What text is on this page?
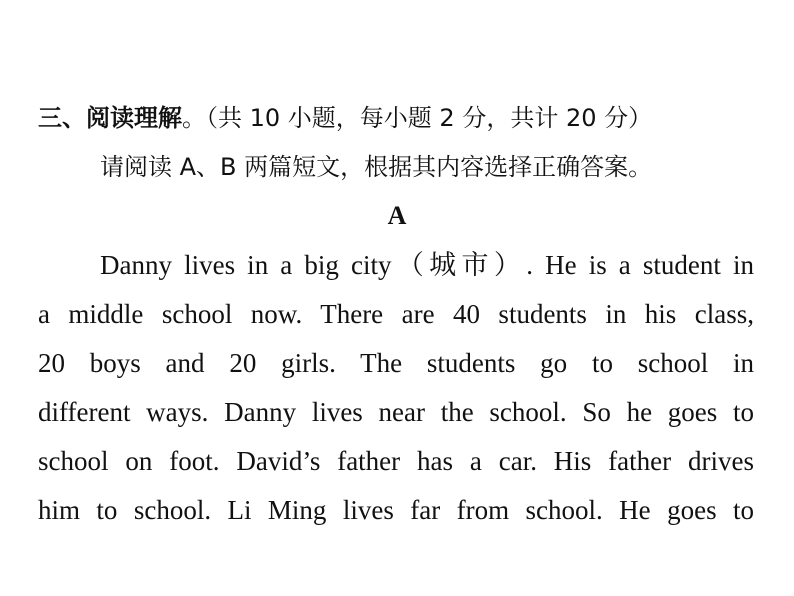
三、阅读理解。（共 10 小题，每小题 2 分，共计 20 分）
请阅读 A、B 两篇短文，根据其内容选择正确答案。
A
Danny lives in a big city（城市）. He is a student in
a middle school now. There are 40 students in his class,
20 boys and 20 girls. The students go to school in
different ways. Danny lives near the school. So he goes to
school on foot. David’s father has a car. His father drives
him to school. Li Ming lives far from school. He goes to
